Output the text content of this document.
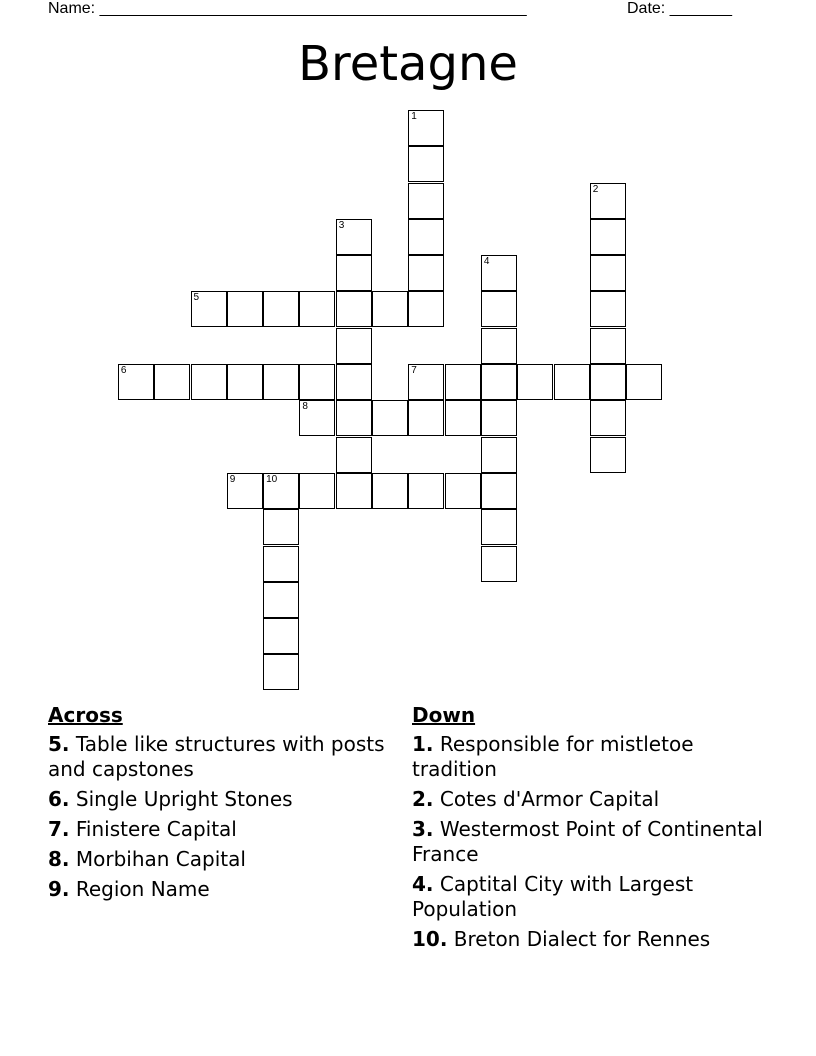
Name: ________________________________________________	Date: _______
Bretagne
1
2
3
4
5
6	7
8
9	10
Across
5. Table like structures with posts and capstones
6. Single Upright Stones
7. Finistere Capital
8. Morbihan Capital
9. Region Name
Down
1. Responsible for mistletoe tradition
2. Cotes d'Armor Capital
3. Westermost Point of Continental France
4. Captital City with Largest Population
10. Breton Dialect for Rennes
